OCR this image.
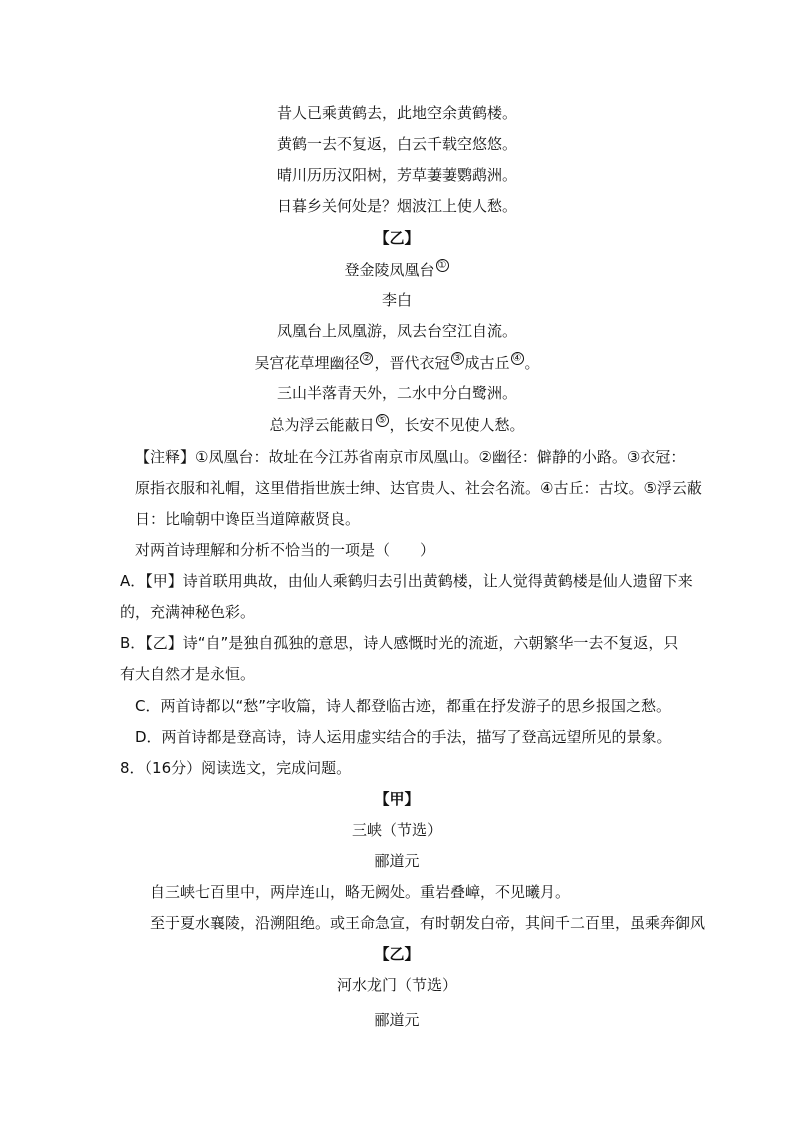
昔人已乘黄鹤去，此地空余黄鹤楼。
黄鹤一去不复返，白云千载空悠悠。
晴川历历汉阳树，芳草萋萋鹦鹉洲。
日暮乡关何处是？烟波江上使人愁。
【乙】
登金陵凤凰台 ①
李白
凤凰台上凤凰游，凤去台空江自流。
吴宫花草埋幽径 ② ，晋代衣冠 ③ 成古丘 ④ 。
三山半落青天外，二水中分白鹭洲。
总为浮云能蔽日 ⑤ ，长安不见使人愁。
【注释】①凤凰台：故址在今江苏省南京市凤凰山。②幽径：僻静的小路。③衣冠：
原指衣服和礼帽，这里借指世族士绅、达官贵人、社会名流。④古丘：古坟。⑤浮云蔽
日：比喻朝中谗臣当道障蔽贤良。
对两首诗理解和分析不恰当的一项是（　　）
A．【甲】诗首联用典故，由仙人乘鹤归去引出黄鹤楼，让人觉得黄鹤楼是仙人遗留下来
的，充满神秘色彩。
B．【乙】诗“自”是独自孤独的意思，诗人感慨时光的流逝，六朝繁华一去不复返，只
有大自然才是永恒。
C．两首诗都以“愁”字收篇，诗人都登临古迹，都重在抒发游子的思乡报国之愁。
D．两首诗都是登高诗，诗人运用虚实结合的手法，描写了登高远望所见的景象。
8．（16分）阅读选文，完成问题。
【甲】
三峡（节选）
郦道元
自三峡七百里中，两岸连山，略无阙处。重岩叠嶂，不见曦月。
至于夏水襄陵，沿溯阻绝。或王命急宣，有时朝发白帝，其间千二百里，虽乘奔御风
【乙】
河水龙门（节选）
郦道元
